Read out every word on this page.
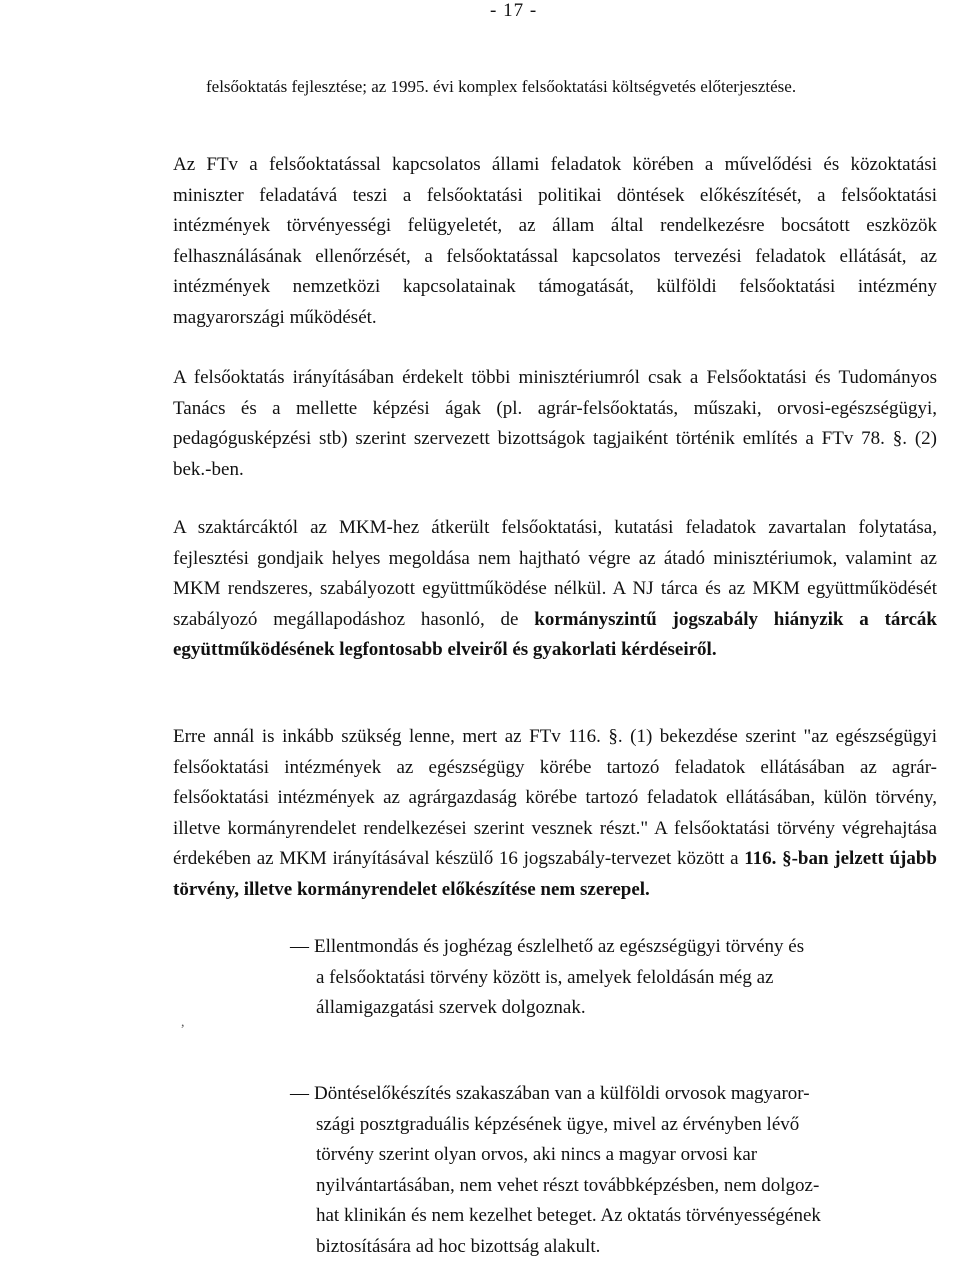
- 17 -
felsőoktatás fejlesztése; az 1995. évi komplex felsőoktatási költségvetés előterjesztése.
Az FTv a felsőoktatással kapcsolatos állami feladatok körében a művelődési és közoktatási miniszter feladatává teszi a felsőoktatási politikai döntések előkészítését, a felsőoktatási intézmények törvényességi felügyeletét, az állam által rendelkezésre bocsátott eszközök felhasználásának ellenőrzését, a felsőoktatással kapcsolatos tervezési feladatok ellátását, az intézmények nemzetközi kapcsolatainak támogatását, külföldi felsőoktatási intézmény magyarországi működését.
A felsőoktatás irányításában érdekelt többi minisztériumról csak a Felsőoktatási és Tudományos Tanács és a mellette képzési ágak (pl. agrár-felsőoktatás, műszaki, orvosi-egészségügyi, pedagógusképzési stb) szerint szervezett bizottságok tagjaiként történik említés a FTv 78. §. (2) bek.-ben.
A szaktárcáktól az MKM-hez átkerült felsőoktatási, kutatási feladatok zavartalan folytatása, fejlesztési gondjaik helyes megoldása nem hajtható végre az átadó minisztériumok, valamint az MKM rendszeres, szabályozott együttműködése nélkül. A NJ tárca és az MKM együttműködését szabályozó megállapodáshoz hasonló, de kormányszintű jogszabály hiányzik a tárcák együttműködésének legfontosabb elveiről és gyakorlati kérdéseiről.
Erre annál is inkább szükség lenne, mert az FTv 116. §. (1) bekezdése szerint "az egészségügyi felsőoktatási intézmények az egészségügy körébe tartozó feladatok ellátásában az agrár-felsőoktatási intézmények az agrárgazdaság körébe tartozó feladatok ellátásában, külön törvény, illetve kormányrendelet rendelkezései szerint vesznek részt." A felsőoktatási törvény végrehajtása érdekében az MKM irányításával készülő 16 jogszabály-tervezet között a 116. §-ban jelzett újabb törvény, illetve kormányrendelet előkészítése nem szerepel.
— Ellentmondás és joghézag észlelhető az egészségügyi törvény és
a felsőoktatási törvény között is, amelyek feloldásán még az
államigazgatási szervek dolgoznak.
,
— Döntéselőkészítés szakaszában van a külföldi orvosok magyaror-
szági posztgraduális képzésének ügye, mivel az érvényben lévő
törvény szerint olyan orvos, aki nincs a magyar orvosi kar
nyilvántartásában, nem vehet részt továbbképzésben, nem dolgoz-
hat klinikán és nem kezelhet beteget. Az oktatás törvényességének
biztosítására ad hoc bizottság alakult.
